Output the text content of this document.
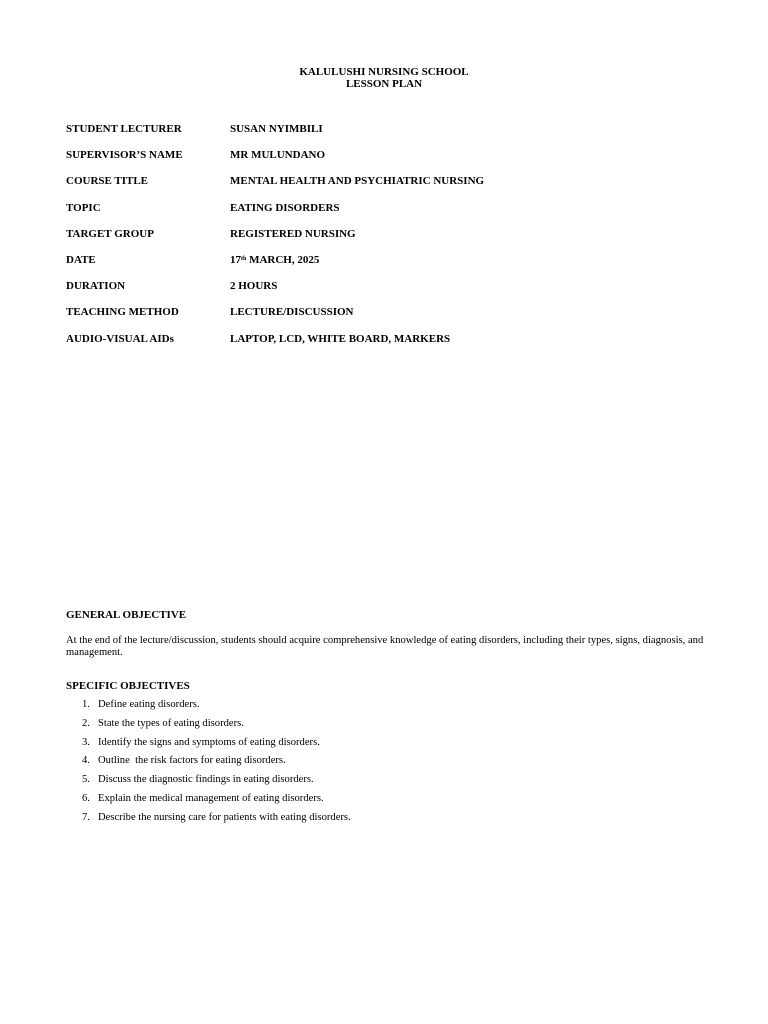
KALULUSHI NURSING SCHOOL
LESSON PLAN
STUDENT LECTURER	SUSAN NYIMBILI
SUPERVISOR’S NAME	MR MULUNDANO
COURSE TITLE	MENTAL HEALTH AND PSYCHIATRIC NURSING
TOPIC	EATING DISORDERS
TARGET GROUP	REGISTERED NURSING
DATE	17th MARCH, 2025
DURATION	2 HOURS
TEACHING METHOD	LECTURE/DISCUSSION
AUDIO-VISUAL AIDs	LAPTOP, LCD, WHITE BOARD, MARKERS
GENERAL OBJECTIVE
At the end of the lecture/discussion, students should acquire comprehensive knowledge of eating disorders, including their types, signs, diagnosis, and management.
SPECIFIC OBJECTIVES

1.

Define eating disorders.

2.

State the types of eating disorders.

3.

Identify the signs and symptoms of eating disorders.

4.

Outline  the risk factors for eating disorders.

5.

Discuss the diagnostic findings in eating disorders.

6.

Explain the medical management of eating disorders.

7.

Describe the nursing care for patients with eating disorders.
